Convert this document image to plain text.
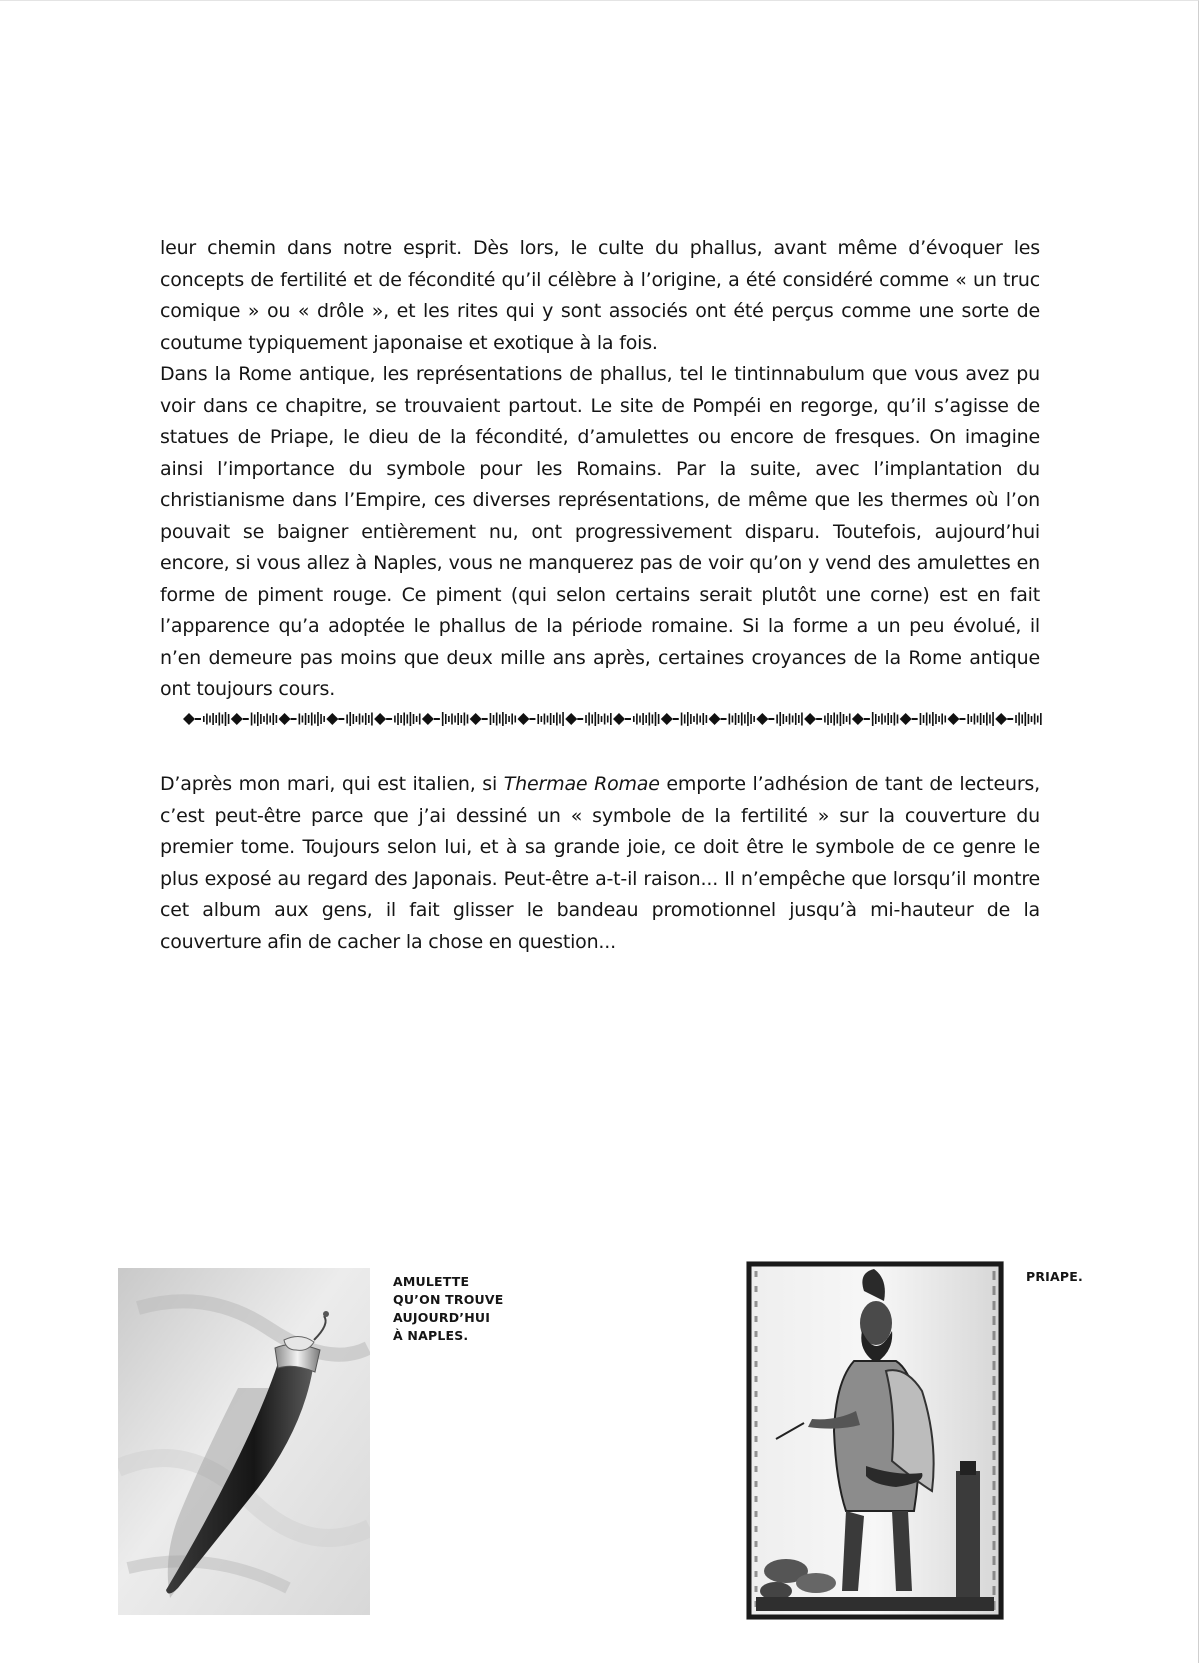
leur chemin dans notre esprit. Dès lors, le culte du phallus, avant même d’évoquer les concepts de fertilité et de fécondité qu’il célèbre à l’origine, a été considéré comme « un truc comique » ou « drôle », et les rites qui y sont associés ont été perçus comme une sorte de coutume typiquement japonaise et exotique à la fois.

Dans la Rome antique, les représentations de phallus, tel le tintinnabulum que vous avez pu voir dans ce chapitre, se trouvaient partout. Le site de Pompéi en regorge, qu’il s’agisse de statues de Priape, le dieu de la fécondité, d’amulettes ou encore de fresques. On imagine ainsi l’importance du symbole pour les Romains. Par la suite, avec l’implantation du christianisme dans l’Empire, ces diverses représentations, de même que les thermes où l’on pouvait se baigner entièrement nu, ont progressivement disparu. Toutefois, aujourd’hui encore, si vous allez à Naples, vous ne manquerez pas de voir qu’on y vend des amulettes en forme de piment rouge. Ce piment (qui selon certains serait plutôt une corne) est en fait l’apparence qu’a adoptée le phallus de la période romaine. Si la forme a un peu évolué, il n’en demeure pas moins que deux mille ans après, certaines croyances de la Rome antique ont toujours cours.

D’après mon mari, qui est italien, si Thermae Romae emporte l’adhésion de tant de lecteurs, c’est peut-être parce que j’ai dessiné un « symbole de la fertilité » sur la couverture du premier tome. Toujours selon lui, et à sa grande joie, ce doit être le symbole de ce genre le plus exposé au regard des Japonais. Peut-être a-t-il raison... Il n’empêche que lorsqu’il montre cet album aux gens, il fait glisser le bandeau promotionnel jusqu’à mi-hauteur de la couverture afin de cacher la chose en question...

AMULETTE
QU’ON TROUVE
AUJOURD’HUI
À NAPLES.
PRIAPE.
